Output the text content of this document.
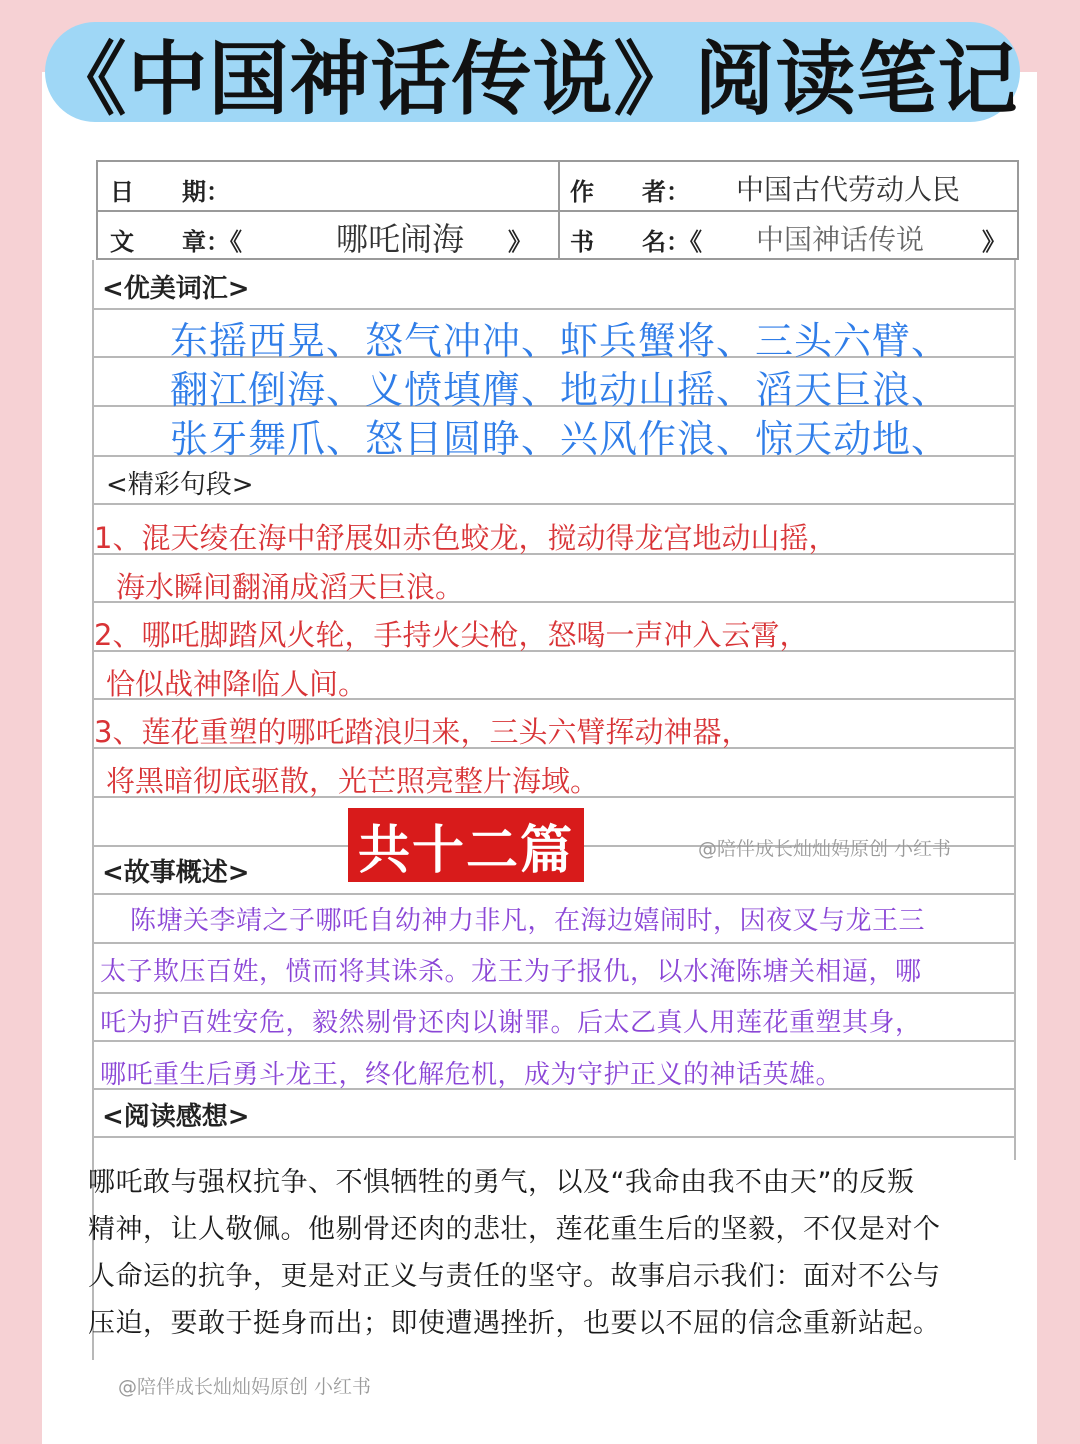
《中国神话传说》阅读笔记
日　　期：	作　　者： 中国古代劳动人民
文　　章：《	哪吒闹海 》 书　　名：《 中国神话传说 》
<优美词汇>
东摇西晃、怒气冲冲、虾兵蟹将、三头六臂、
翻江倒海、义愤填膺、地动山摇、滔天巨浪、
张牙舞爪、怒目圆睁、兴风作浪、惊天动地、
<精彩句段>
1、混天绫在海中舒展如赤色蛟龙，搅动得龙宫地动山摇，
海水瞬间翻涌成滔天巨浪。
2、哪吒脚踏风火轮，手持火尖枪，怒喝一声冲入云霄，
恰似战神降临人间。
3、莲花重塑的哪吒踏浪归来，三头六臂挥动神器，
将黑暗彻底驱散，光芒照亮整片海域。
共十二篇	@陪伴成长灿灿妈原创 小红书
<故事概述>
陈塘关李靖之子哪吒自幼神力非凡，在海边嬉闹时，因夜叉与龙王三
太子欺压百姓，愤而将其诛杀。龙王为子报仇，以水淹陈塘关相逼，哪
吒为护百姓安危，毅然剔骨还肉以谢罪。后太乙真人用莲花重塑其身，
哪吒重生后勇斗龙王，终化解危机，成为守护正义的神话英雄。
<阅读感想>
哪吒敢与强权抗争、不惧牺牲的勇气，以及“我命由我不由天”的反叛
精神，让人敬佩。他剔骨还肉的悲壮，莲花重生后的坚毅，不仅是对个
人命运的抗争，更是对正义与责任的坚守。故事启示我们：面对不公与
压迫，要敢于挺身而出；即使遭遇挫折，也要以不屈的信念重新站起。
@陪伴成长灿灿妈原创 小红书
